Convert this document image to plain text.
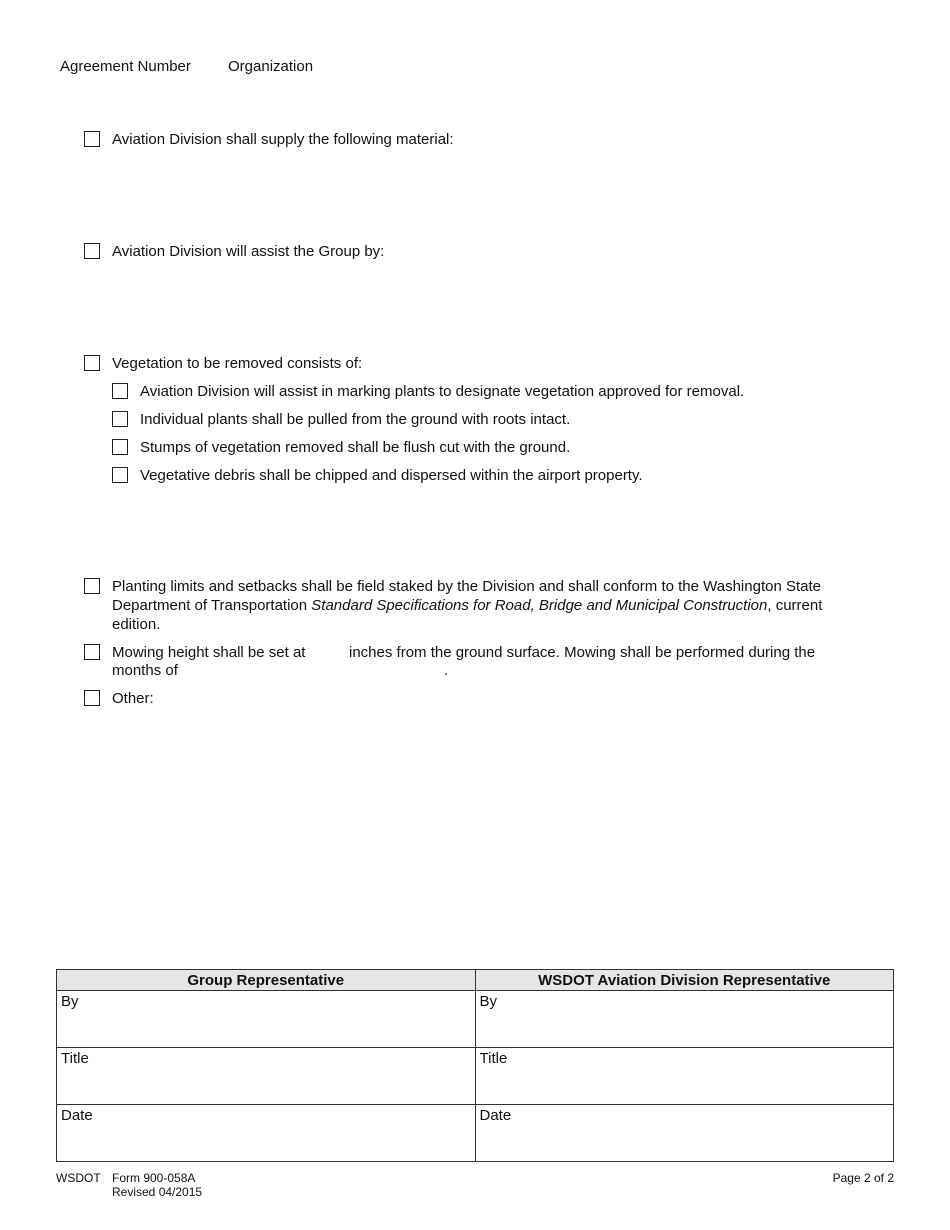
Agreement Number Organization
Aviation Division shall supply the following material:
Aviation Division will assist the Group by:
Vegetation to be removed consists of:
Aviation Division will assist in marking plants to designate vegetation approved for removal.
Individual plants shall be pulled from the ground with roots intact.
Stumps of vegetation removed shall be flush cut with the ground.
Vegetative debris shall be chipped and dispersed within the airport property.
Planting limits and setbacks shall be field staked by the Division and shall conform to the Washington State Department of Transportation Standard Specifications for Road, Bridge and Municipal Construction, current edition.
Mowing height shall be set at	inches from the ground surface. Mowing shall be performed during the
months of	.
Other:
Group Representative	WSDOT Aviation Division Representative
By	By
Title	Title
Date	Date
WSDOT Form 900-058A
Revised 04/2015
Page 2 of 2
